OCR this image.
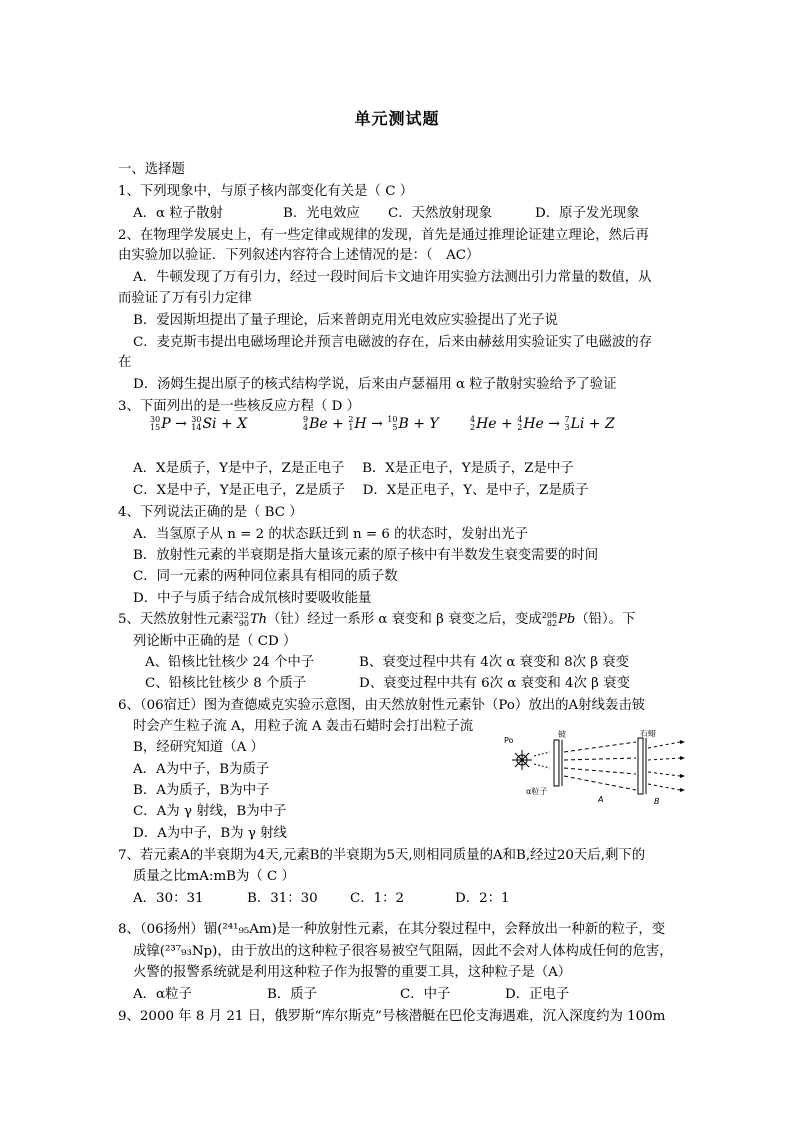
单元测试题
一、选择题
1、下列现象中，与原子核内部变化有关是（ C ）
A．α 粒子散射	B．光电效应 C．天然放射现象	D．原子发光现象
2、在物理学发展史上，有一些定律或规律的发现，首先是通过推理论证建立理论，然后再
由实验加以验证．下列叙述内容符合上述情况的是：（　AC）
A．牛顿发现了万有引力，经过一段时间后卡文迪许用实验方法测出引力常量的数值，从
而验证了万有引力定律
B．爱因斯坦提出了量子理论，后来普朗克用光电效应实验提出了光子说
C．麦克斯韦提出电磁场理论并预言电磁波的存在，后来由赫兹用实验证实了电磁波的存
在
D．汤姆生提出原子的核式结构学说，后来由卢瑟福用 α 粒子散射实验给予了验证
3、下面列出的是一些核反应方程（ D ）
30
15 P → 30
14 Si + X	9
4 Be + 2
1 H → 10
5 B + Y	4
2 He + 4
2 He → 7
3 Li + Z
A．X是质子，Y是中子，Z是正电子　 B．X是正电子，Y是质子，Z是中子
C．X是中子，Y是正电子，Z是质子　 D．X是正电子，Y、是中子，Z是质子
4、下列说法正确的是（ BC ）
A．当氢原子从 n = 2 的状态跃迁到 n = 6 的状态时，发射出光子
B．放射性元素的半衰期是指大量该元素的原子核中有半数发生衰变需要的时间
C．同一元素的两种同位素具有相同的质子数
D．中子与质子结合成氘核时要吸收能量
5、天然放射性元素 232
90 Th（钍）经过一系形 α 衰变和 β 衰变之后，变成 206
82 Pb（铅）。下
列论断中正确的是（ CD ）
A、铅核比钍核少 24 个中子	B、衰变过程中共有 4次 α 衰变和 8次 β 衰变
C、铅核比钍核少 8 个质子	D、衰变过程中共有 6次 α 衰变和 4次 β 衰变
6、（06宿迁）图为查德威克实验示意图，由天然放射性元素钋（Po）放出的A射线轰击铍
时会产生粒子流 A，用粒子流 A 轰击石蜡时会打出粒子流
B，经研究知道（A ）
A．A为中子，B为质子
B．A为质子，B为中子
C．A为 γ 射线，B为中子
D．A为中子，B为 γ 射线
Po
α粒子
铍
A
石蜡
B
7、若元素A的半衰期为4天,元素B的半衰期为5天,则相同质量的A和B,经过20天后,剩下的
质量之比mA:mB为（ C ）
A．30：31	B．31：30 C．1：2	D．2：1
8、（06扬州）镅(²⁴¹₉₅Am)是一种放射性元素，在其分裂过程中，会释放出一种新的粒子，变
成镎(²³⁷₉₃Np)，由于放出的这种粒子很容易被空气阻隔，因此不会对人体构成任何的危害，
火警的报警系统就是利用这种粒子作为报警的重要工具，这种粒子是（A）
A．α粒子	B．质子	C．中子	D．正电子
9、2000 年 8 月 21 日，俄罗斯“库尔斯克”号核潜艇在巴伦支海遇难，沉入深度约为 100m
